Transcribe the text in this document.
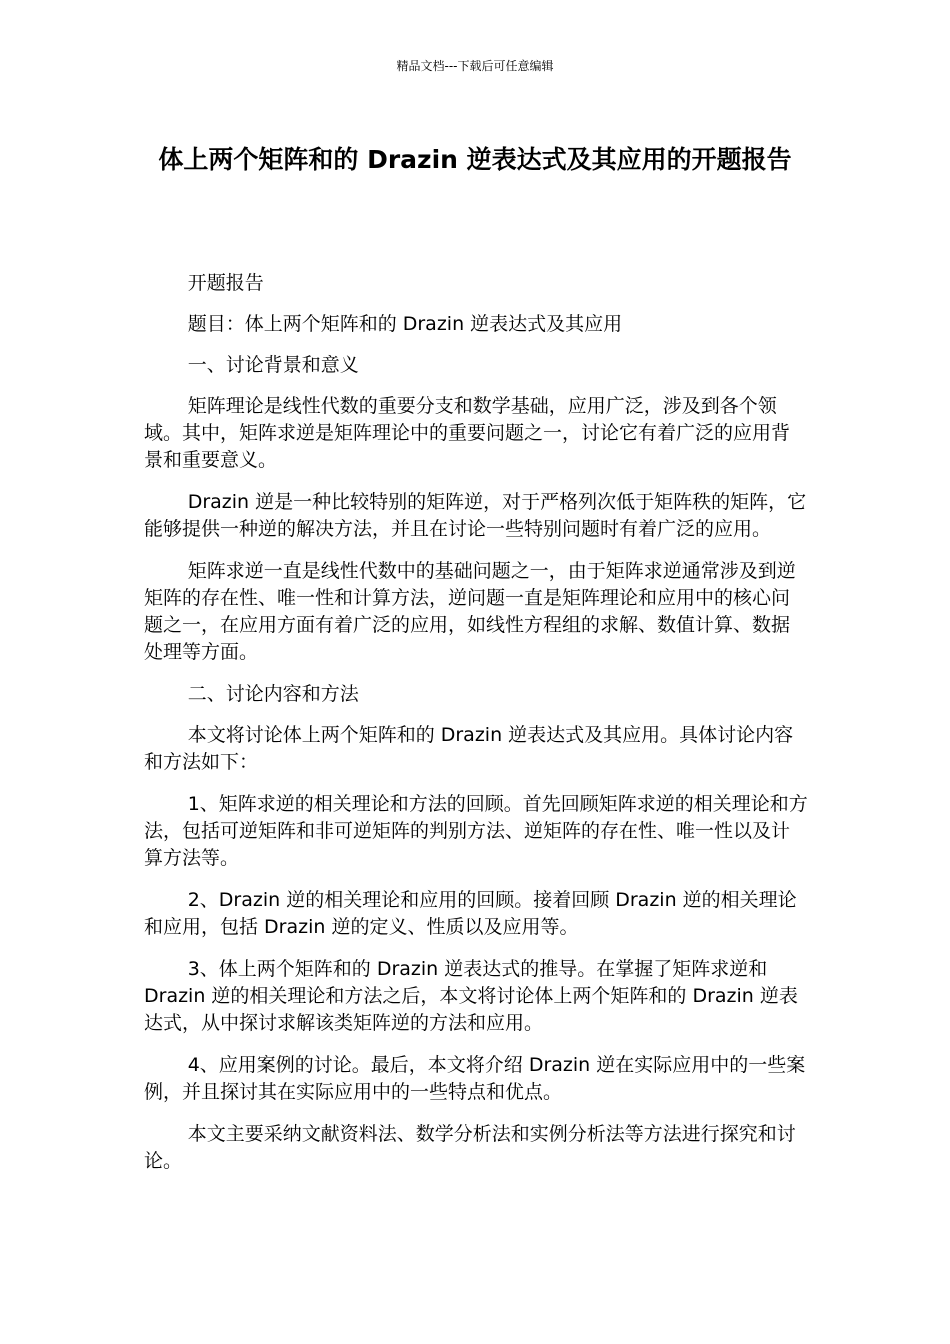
精品文档---下载后可任意编辑
体上两个矩阵和的 Drazin 逆表达式及其应用的开题报告

开题报告

题目：体上两个矩阵和的 Drazin 逆表达式及其应用

一、讨论背景和意义

矩阵理论是线性代数的重要分支和数学基础，应用广泛，涉及到各个领域。其中，矩阵求逆是矩阵理论中的重要问题之一，讨论它有着广泛的应用背景和重要意义。

Drazin 逆是一种比较特别的矩阵逆，对于严格列次低于矩阵秩的矩阵，它能够提供一种逆的解决方法，并且在讨论一些特别问题时有着广泛的应用。

矩阵求逆一直是线性代数中的基础问题之一，由于矩阵求逆通常涉及到逆矩阵的存在性、唯一性和计算方法，逆问题一直是矩阵理论和应用中的核心问题之一，在应用方面有着广泛的应用，如线性方程组的求解、数值计算、数据处理等方面。

二、讨论内容和方法

本文将讨论体上两个矩阵和的 Drazin 逆表达式及其应用。具体讨论内容和方法如下：

1、矩阵求逆的相关理论和方法的回顾。首先回顾矩阵求逆的相关理论和方法，包括可逆矩阵和非可逆矩阵的判别方法、逆矩阵的存在性、唯一性以及计算方法等。

2、Drazin 逆的相关理论和应用的回顾。接着回顾 Drazin 逆的相关理论和应用，包括 Drazin 逆的定义、性质以及应用等。

3、体上两个矩阵和的 Drazin 逆表达式的推导。在掌握了矩阵求逆和 Drazin 逆的相关理论和方法之后，本文将讨论体上两个矩阵和的 Drazin 逆表达式，从中探讨求解该类矩阵逆的方法和应用。

4、应用案例的讨论。最后，本文将介绍 Drazin 逆在实际应用中的一些案例，并且探讨其在实际应用中的一些特点和优点。

本文主要采纳文献资料法、数学分析法和实例分析法等方法进行探究和讨论。
